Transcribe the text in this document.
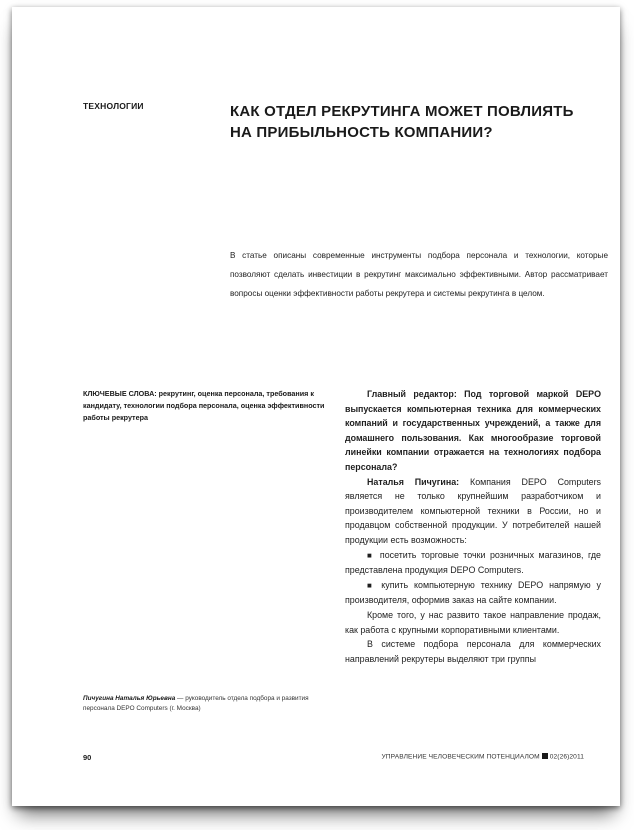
ТЕХНОЛОГИИ	КАК ОТДЕЛ РЕКРУТИНГА МОЖЕТ ПОВЛИЯТЬ
НА ПРИБЫЛЬНОСТЬ КОМПАНИИ?
В статье описаны современные инструменты подбора персонала и технологии, которые позволяют сделать инвестиции в рекрутинг максимально эффективными. Автор рассматривает вопросы оценки эффективности работы рекрутера и системы рекрутинга в целом.
КЛЮЧЕВЫЕ СЛОВА: рекрутинг, оценка персонала, требования к кандидату, технологии подбора персонала, оценка эффективности работы рекрутера

Главный редактор: Под торговой маркой DEPO выпускается компьютерная техника для коммерческих компаний и государственных учреждений, а также для домашнего пользования. Как многообразие торговой линейки компании отражается на технологиях подбора персонала?

Наталья Пичугина: Компания DEPO Computers является не только крупнейшим разработчиком и производителем компьютерной техники в России, но и продавцом собственной продукции. У потребителей нашей продукции есть возможность:

■ посетить торговые точки розничных магазинов, где представлена продукция DEPO Computers.

■ купить компьютерную технику DEPO напрямую у производителя, оформив заказ на сайте компании.

Кроме того, у нас развито такое направление продаж, как работа с крупными корпоративными клиентами.

В системе подбора персонала для коммерческих направлений рекрутеры выделяют три группы

Пичугина Наталья Юрьевна — руководитель отдела подбора и развития персонала DEPO Computers (г. Москва)
90	УПРАВЛЕНИЕ ЧЕЛОВЕЧЕСКИМ ПОТЕНЦИАЛОМ 02(26)2011
